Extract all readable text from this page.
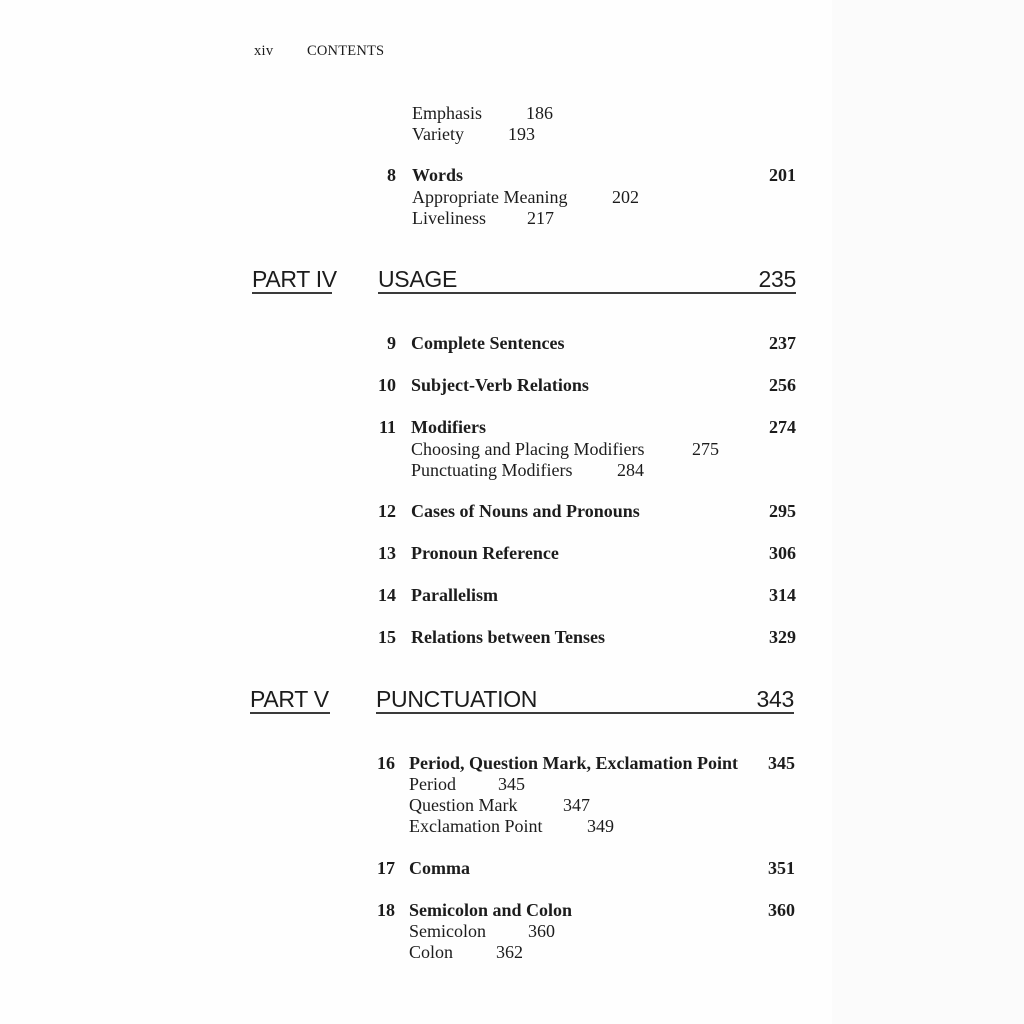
xiv CONTENTS
Emphasis 186
Variety 193
8 Words	201
Appropriate Meaning 202
Liveliness 217
PART IV USAGE	235
9 Complete Sentences	237
10 Subject-Verb Relations	256
11 Modifiers	274
Choosing and Placing Modifiers	275
Punctuating Modifiers 284
12 Cases of Nouns and Pronouns	295
13 Pronoun Reference	306
14 Parallelism	314
15 Relations between Tenses	329
PART V PUNCTUATION	343
16 Period, Question Mark, Exclamation Point	345
Period 345
Question Mark	347
Exclamation Point 349
17 Comma	351
18 Semicolon and Colon	360
Semicolon 360
Colon 362
